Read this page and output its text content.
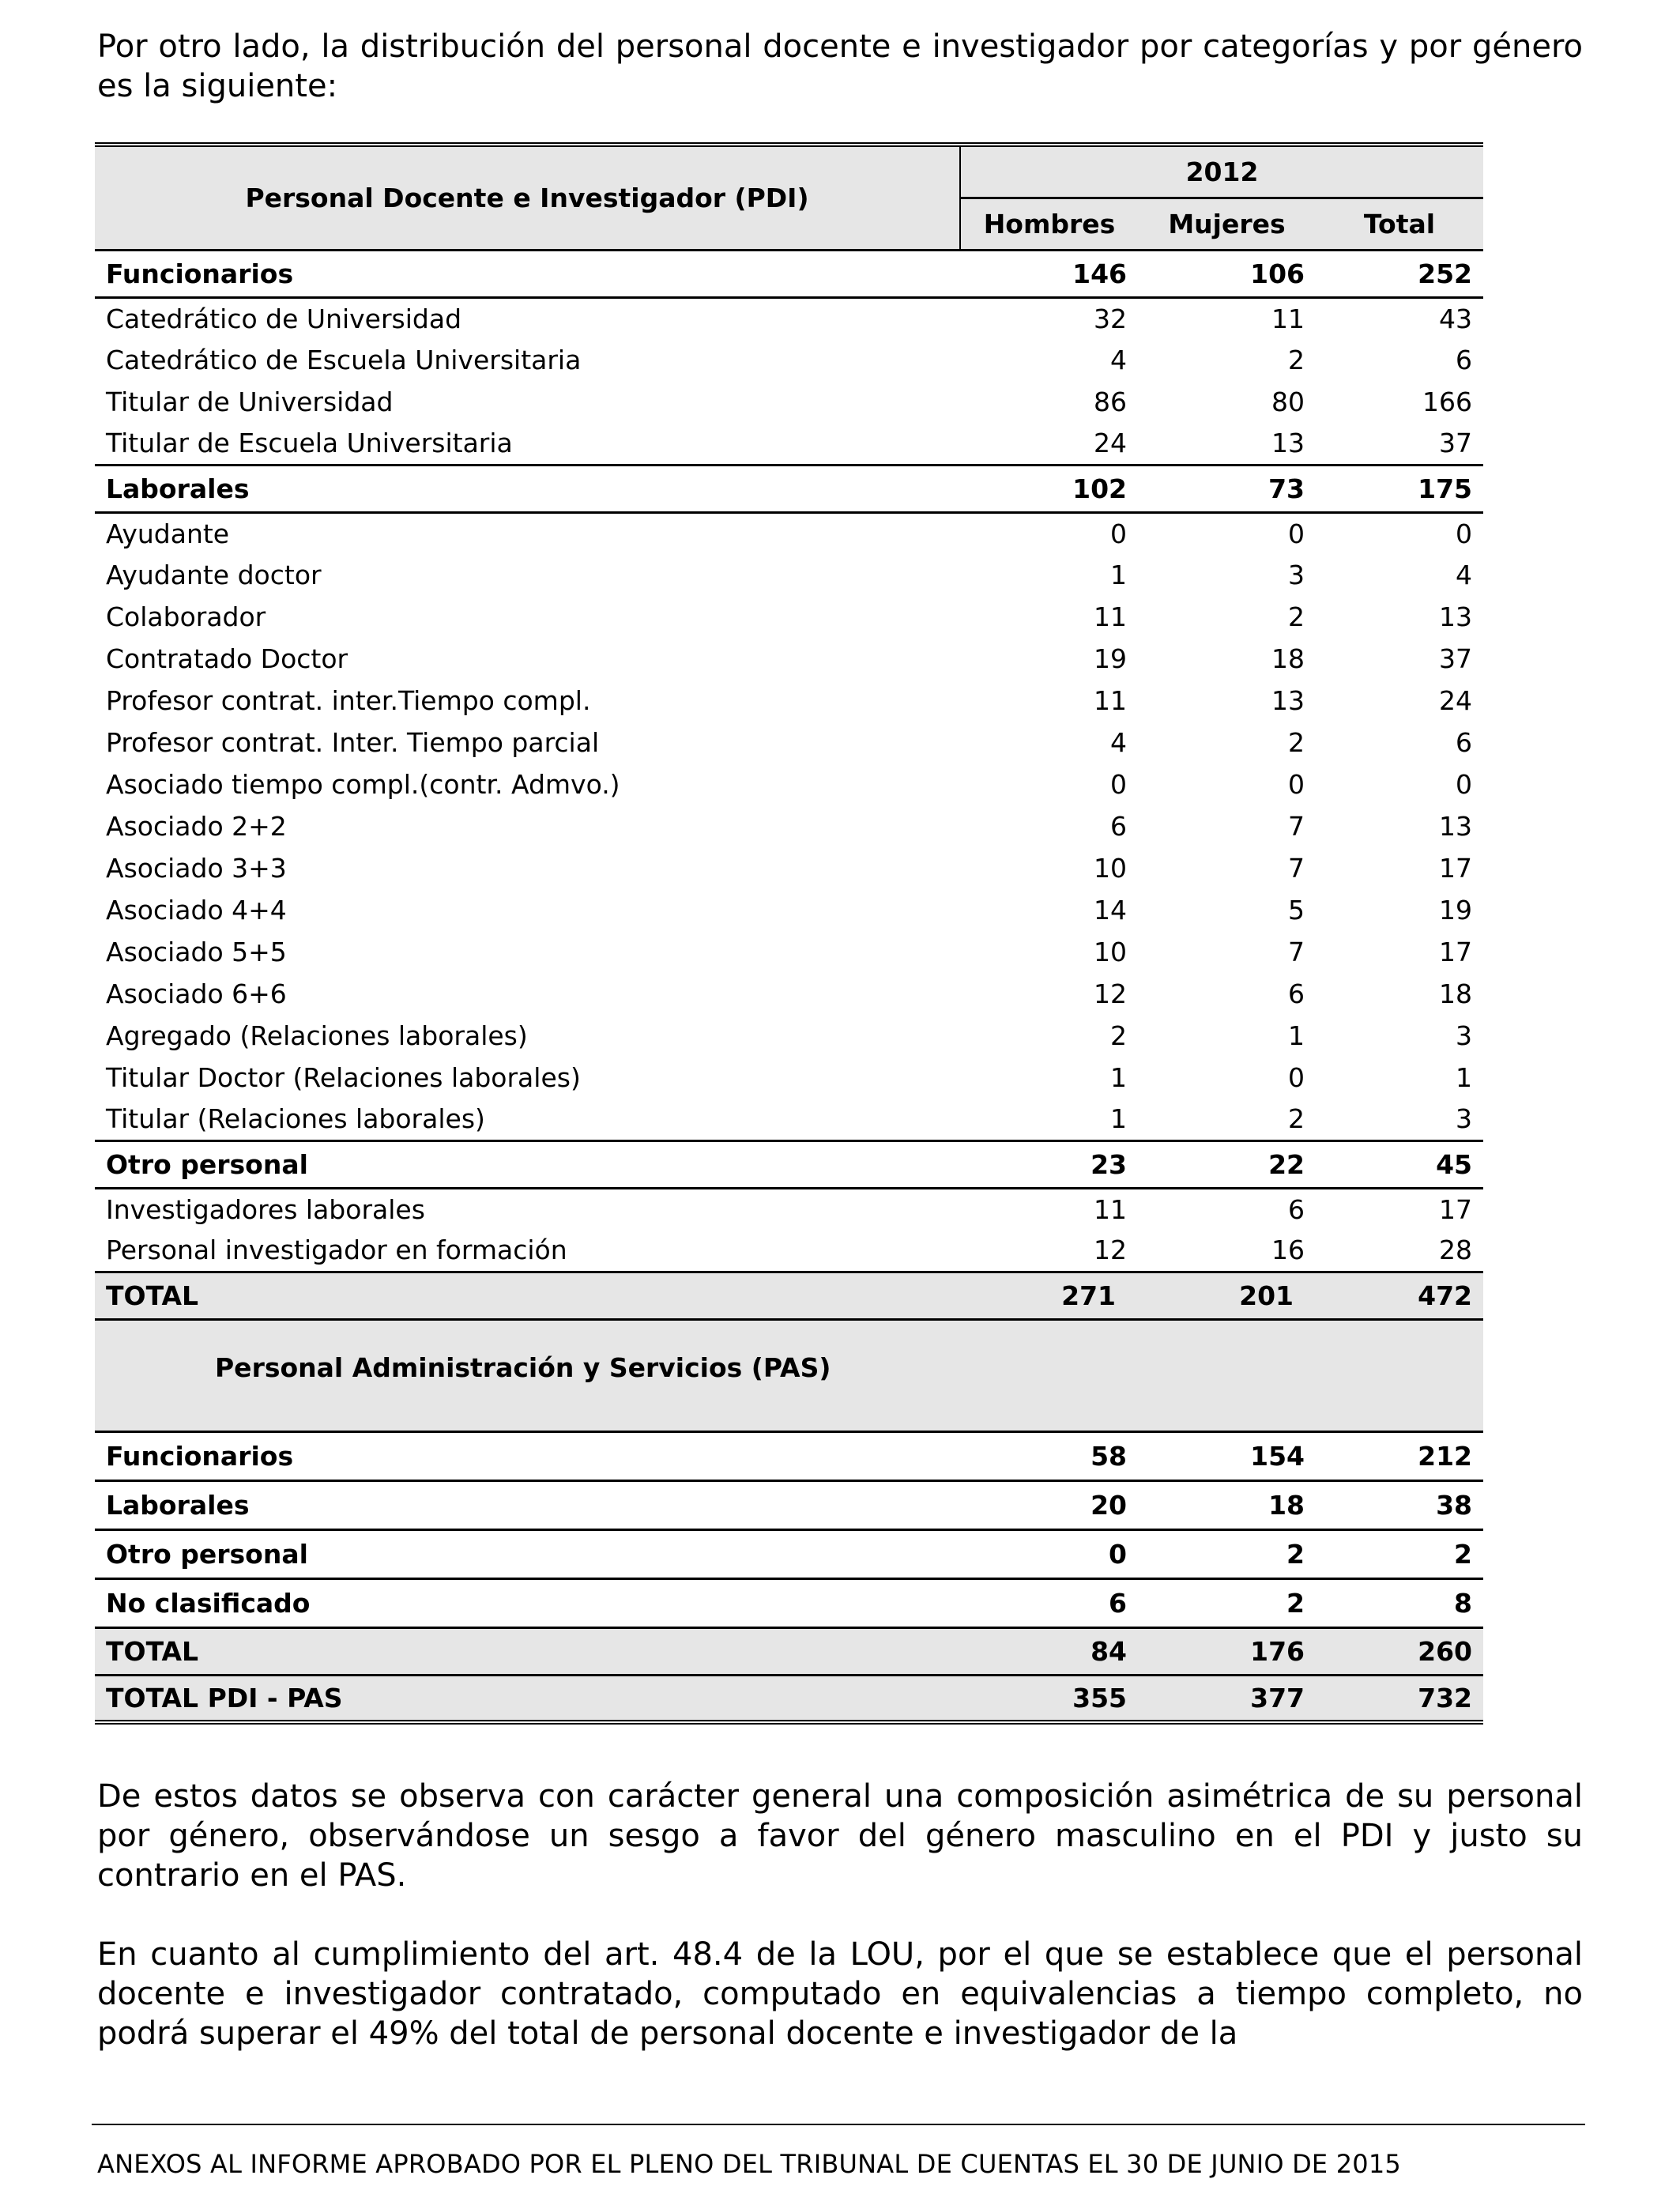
Por otro lado, la distribución del personal docente e investigador por categorías y por género es la siguiente:

Personal Docente e Investigador (PDI)	2012		
	Hombres	Mujeres	Total
Funcionarios	146	106	252
Catedrático de Universidad	32	11	43
Catedrático de Escuela Universitaria	4	2	6
Titular de Universidad	86	80	166
Titular de Escuela Universitaria	24	13	37
Laborales	102	73	175
Ayudante	0	0	0
Ayudante doctor	1	3	4
Colaborador	11	2	13
Contratado Doctor	19	18	37
Profesor contrat. inter.Tiempo compl.	11	13	24
Profesor contrat. Inter. Tiempo parcial	4	2	6
Asociado tiempo compl.(contr. Admvo.)	0	0	0
Asociado 2+2	6	7	13
Asociado 3+3	10	7	17
Asociado 4+4	14	5	19
Asociado 5+5	10	7	17
Asociado 6+6	12	6	18
Agregado (Relaciones laborales)	2	1	3
Titular Doctor (Relaciones laborales)	1	0	1
Titular (Relaciones laborales)	1	2	3
Otro personal	23	22	45
Investigadores laborales	11	6	17
Personal investigador en formación	12	16	28
TOTAL	271	201	472
Personal Administración y Servicios (PAS)			
Funcionarios	58	154	212
Laborales	20	18	38
Otro personal	0	2	2
No clasificado	6	2	8
TOTAL	84	176	260
TOTAL PDI - PAS	355	377	732

De estos datos se observa con carácter general una composición asimétrica de su personal por género, observándose un sesgo a favor del género masculino en el PDI y justo su contrario en el PAS.

En cuanto al cumplimiento del art. 48.4 de la LOU, por el que se establece que el personal docente e investigador contratado, computado en equivalencias a tiempo completo, no podrá superar el 49% del total de personal docente e investigador de la

ANEXOS AL INFORME APROBADO POR EL PLENO DEL TRIBUNAL DE CUENTAS EL 30 DE JUNIO DE 2015
